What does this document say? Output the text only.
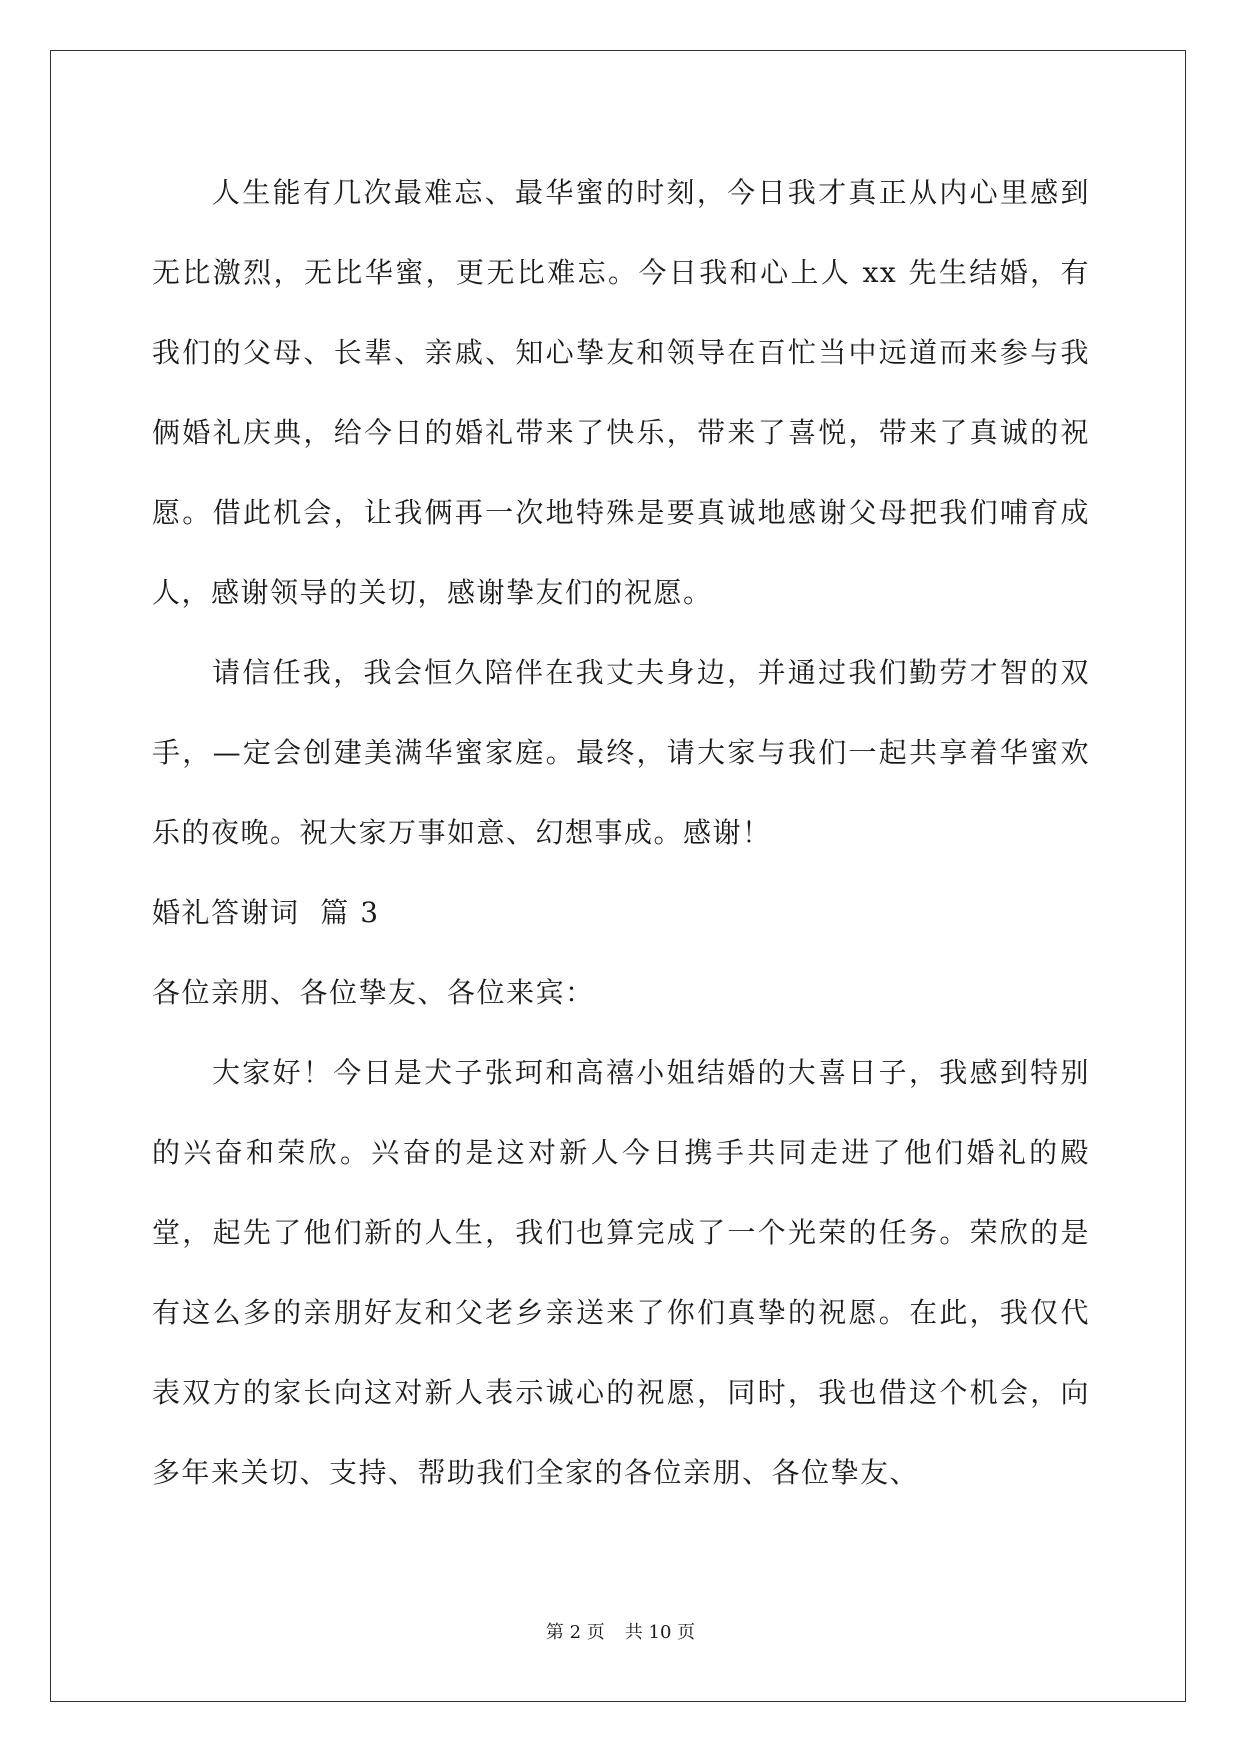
人生能有几次最难忘、最华蜜的时刻，今日我才真正从内心里感到无比激烈，无比华蜜，更无比难忘。今日我和心上人 xx 先生结婚，有我们的父母、长辈、亲戚、知心挚友和领导在百忙当中远道而来参与我俩婚礼庆典，给今日的婚礼带来了快乐，带来了喜悦，带来了真诚的祝愿。借此机会，让我俩再一次地特殊是要真诚地感谢父母把我们哺育成人，感谢领导的关切，感谢挚友们的祝愿。

请信任我，我会恒久陪伴在我丈夫身边，并通过我们勤劳才智的双手，—定会创建美满华蜜家庭。最终，请大家与我们一起共享着华蜜欢乐的夜晚。祝大家万事如意、幻想事成。感谢！

婚礼答谢词  篇 3

各位亲朋、各位挚友、各位来宾：

大家好！今日是犬子张珂和高禧小姐结婚的大喜日子，我感到特别的兴奋和荣欣。兴奋的是这对新人今日携手共同走进了他们婚礼的殿堂，起先了他们新的人生，我们也算完成了一个光荣的任务。荣欣的是有这么多的亲朋好友和父老乡亲送来了你们真挚的祝愿。在此，我仅代表双方的家长向这对新人表示诚心的祝愿，同时，我也借这个机会，向多年来关切、支持、帮助我们全家的各位亲朋、各位挚友、

第 2 页 共 10 页
